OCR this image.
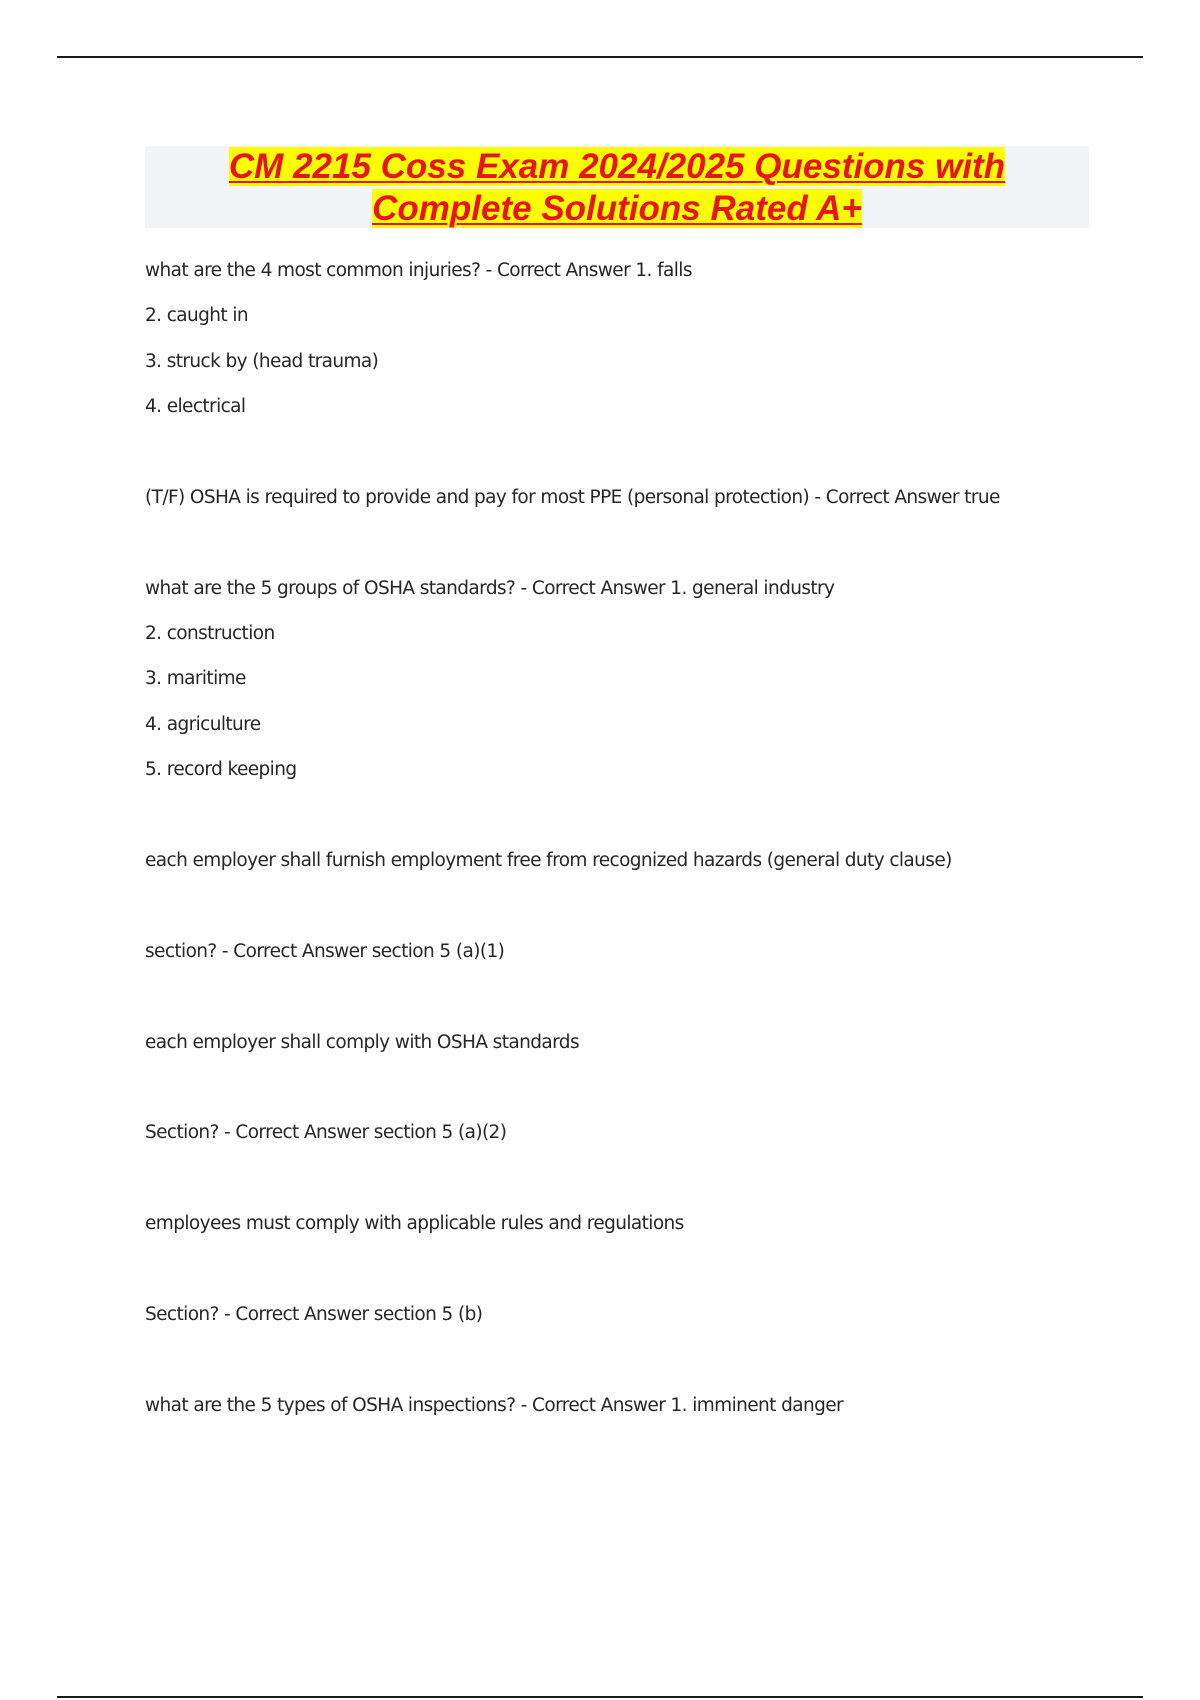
CM 2215 Coss Exam 2024/2025 Questions with
Complete Solutions Rated A+
what are the 4 most common injuries? - Correct Answer 1. falls
2. caught in
3. struck by (head trauma)
4. electrical
(T/F) OSHA is required to provide and pay for most PPE (personal protection) - Correct Answer true
what are the 5 groups of OSHA standards? - Correct Answer 1. general industry
2. construction
3. maritime
4. agriculture
5. record keeping
each employer shall furnish employment free from recognized hazards (general duty clause)
section? - Correct Answer section 5 (a)(1)
each employer shall comply with OSHA standards
Section? - Correct Answer section 5 (a)(2)
employees must comply with applicable rules and regulations
Section? - Correct Answer section 5 (b)
what are the 5 types of OSHA inspections? - Correct Answer 1. imminent danger
